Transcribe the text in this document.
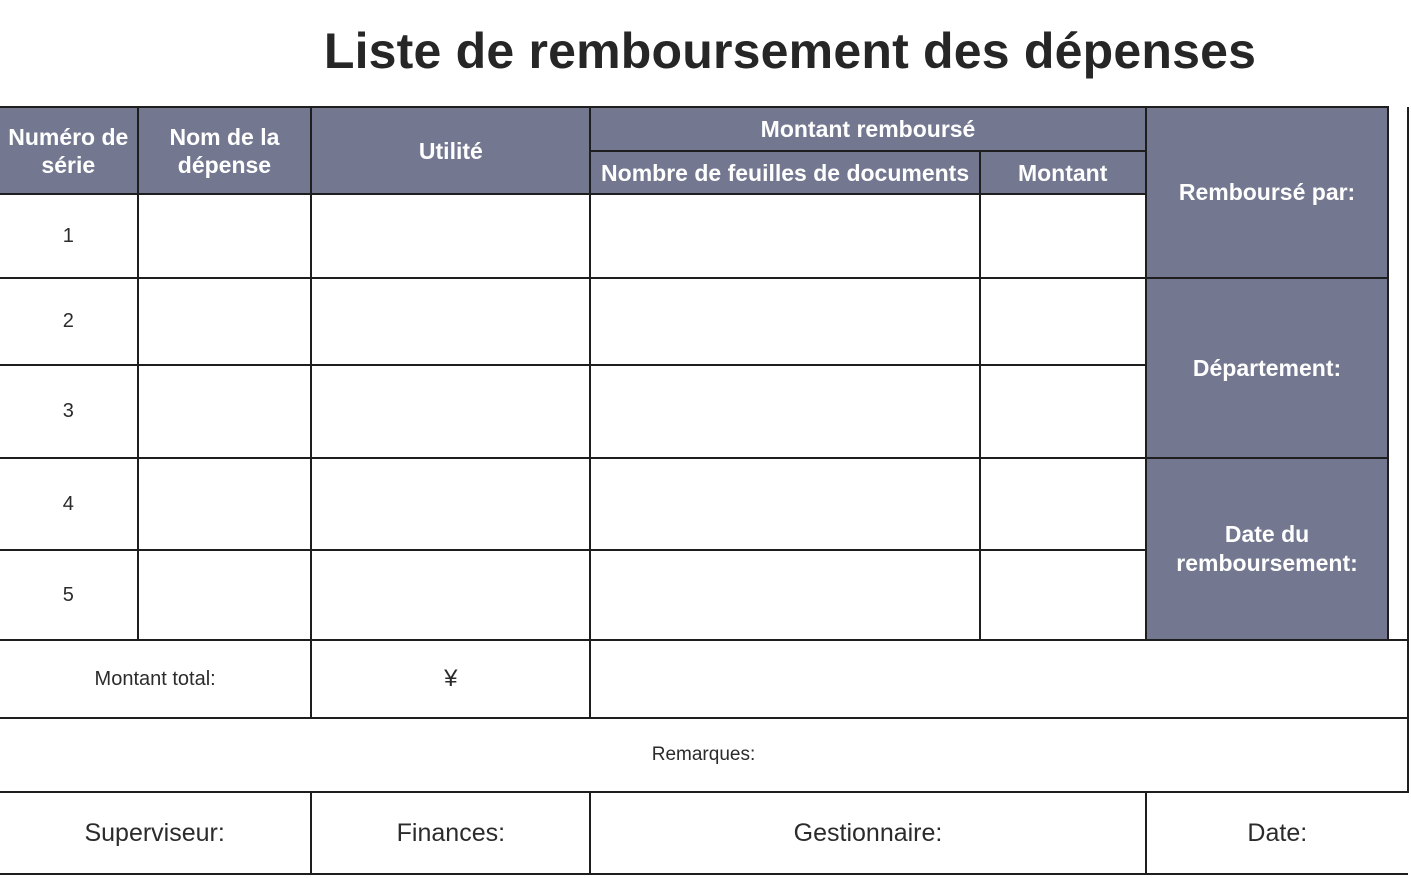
Liste de remboursement des dépenses
Numéro de série	Nom de la dépense	Utilité	Montant remboursé		Remboursé par:	
			Nombre de feuilles de documents	Montant		
1						
2					Département:	
3						
4					Date du remboursement:	
5						
Montant total:		¥				
Remarques:						
Superviseur:		Finances:	Gestionnaire:		Date:	
